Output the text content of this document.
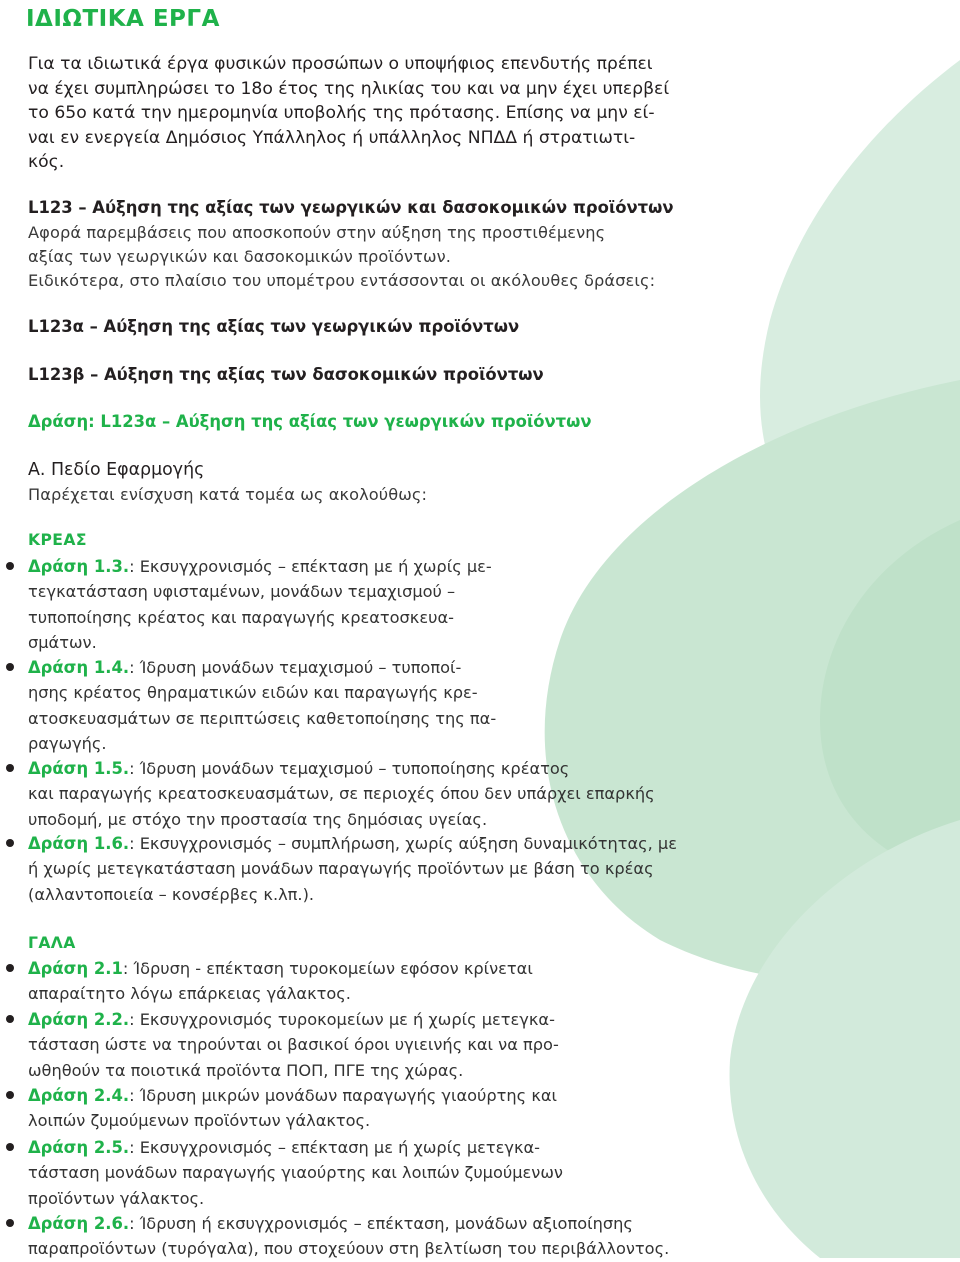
ΙΔΙΩΤΙΚΑ ΕΡΓΑ
Για τα ιδιωτικά έργα φυσικών προσώπων ο υποψήφιος επενδυτής πρέπει
να έχει συμπληρώσει το 18ο έτος της ηλικίας του και να μην έχει υπερβεί
το 65ο κατά την ημερομηνία υποβολής της πρότασης. Επίσης να μην εί-
ναι εν ενεργεία Δημόσιος Υπάλληλος ή υπάλληλος ΝΠΔΔ ή στρατιωτι-
κός.
L123 – Αύξηση της αξίας των γεωργικών και δασοκομικών προϊόντων
Αφορά παρεμβάσεις που αποσκοπούν στην αύξηση της προστιθέμενης
αξίας των γεωργικών και δασοκομικών προϊόντων.
Ειδικότερα, στο πλαίσιο του υπομέτρου εντάσσονται οι ακόλουθες δράσεις:
L123α – Αύξηση της αξίας των γεωργικών προϊόντων
L123β – Αύξηση της αξίας των δασοκομικών προϊόντων
Δράση: L123α – Αύξηση της αξίας των γεωργικών προϊόντων
Α. Πεδίο Εφαρμογής
Παρέχεται ενίσχυση κατά τομέα ως ακολούθως:
ΚΡΕΑΣ
Δράση 1.3.: Εκσυγχρονισμός – επέκταση με ή χωρίς με-
τεγκατάσταση υφισταμένων, μονάδων τεμαχισμού –
τυποποίησης κρέατος και παραγωγής κρεατοσκευα-
σμάτων.
Δράση 1.4.: Ίδρυση μονάδων τεμαχισμού – τυποποί-
ησης κρέατος θηραματικών ειδών και παραγωγής κρε-
ατοσκευασμάτων σε περιπτώσεις καθετοποίησης της πα-
ραγωγής.
Δράση 1.5.: Ίδρυση μονάδων τεμαχισμού – τυποποίησης κρέατος
και παραγωγής κρεατοσκευασμάτων, σε περιοχές όπου δεν υπάρχει επαρκής
υποδομή, με στόχο την προστασία της δημόσιας υγείας.
Δράση 1.6.: Εκσυγχρονισμός – συμπλήρωση, χωρίς αύξηση δυναμικότητας, με
ή χωρίς μετεγκατάσταση μονάδων παραγωγής προϊόντων με βάση το κρέας
(αλλαντοποιεία – κονσέρβες κ.λπ.).
ΓΑΛΑ
Δράση 2.1: Ίδρυση - επέκταση τυροκομείων εφόσον κρίνεται
απαραίτητο λόγω επάρκειας γάλακτος.
Δράση 2.2.: Εκσυγχρονισμός τυροκομείων με ή χωρίς μετεγκα-
τάσταση ώστε να τηρούνται οι βασικοί όροι υγιεινής και να προ-
ωθηθούν τα ποιοτικά προϊόντα ΠΟΠ, ΠΓΕ της χώρας.
Δράση 2.4.: Ίδρυση μικρών μονάδων παραγωγής γιαούρτης και
λοιπών ζυμούμενων προϊόντων γάλακτος.
Δράση 2.5.: Εκσυγχρονισμός – επέκταση με ή χωρίς μετεγκα-
τάσταση μονάδων παραγωγής γιαούρτης και λοιπών ζυμούμενων
προϊόντων γάλακτος.
Δράση 2.6.: Ίδρυση ή εκσυγχρονισμός – επέκταση, μονάδων αξιοποίησης
παραπροϊόντων (τυρόγαλα), που στοχεύουν στη βελτίωση του περιβάλλοντος.
